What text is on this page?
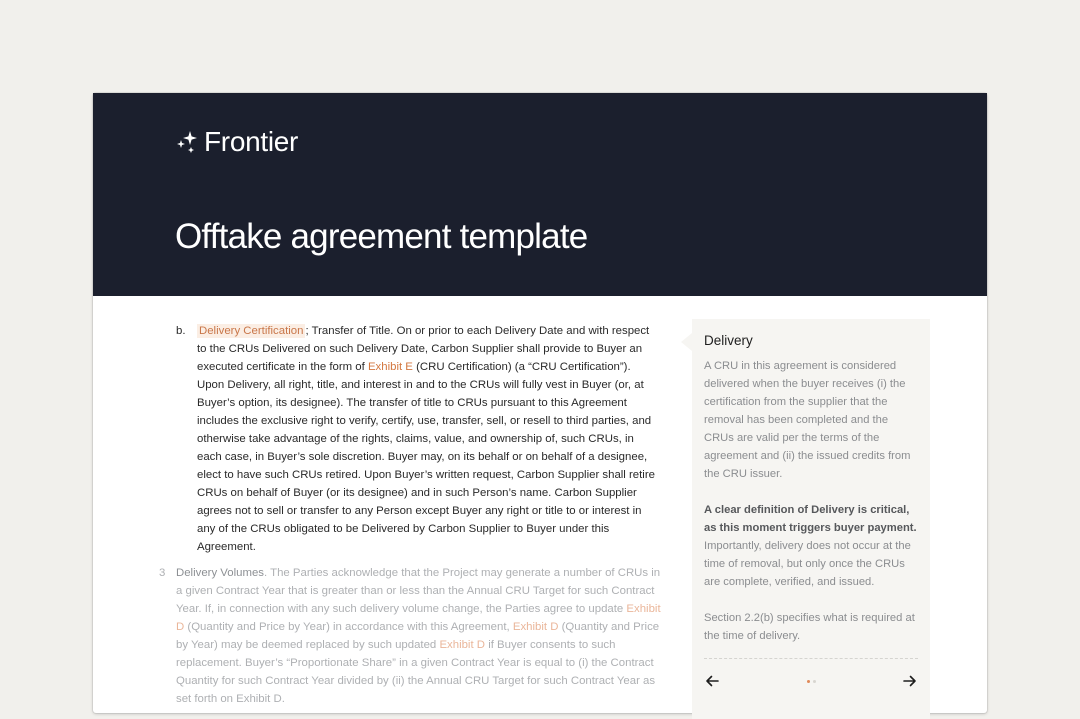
Frontier
Offtake agreement template
b. Delivery Certification ; Transfer of Title. On or prior to each Delivery Date and with respect to the CRUs Delivered on such Delivery Date, Carbon Supplier shall provide to Buyer an executed certificate in the form of Exhibit E (CRU Certification) (a “CRU Certification”). Upon Delivery, all right, title, and interest in and to the CRUs will fully vest in Buyer (or, at Buyer’s option, its designee). The transfer of title to CRUs pursuant to this Agreement includes the exclusive right to verify, certify, use, transfer, sell, or resell to third parties, and otherwise take advantage of the rights, claims, value, and ownership of, such CRUs, in each case, in Buyer’s sole discretion. Buyer may, on its behalf or on behalf of a designee, elect to have such CRUs retired. Upon Buyer’s written request, Carbon Supplier shall retire CRUs on behalf of Buyer (or its designee) and in such Person’s name. Carbon Supplier agrees not to sell or transfer to any Person except Buyer any right or title to or interest in any of the CRUs obligated to be Delivered by Carbon Supplier to Buyer under this Agreement.
3 Delivery Volumes. The Parties acknowledge that the Project may generate a number of CRUs in a given Contract Year that is greater than or less than the Annual CRU Target for such Contract Year. If, in connection with any such delivery volume change, the Parties agree to update Exhibit D (Quantity and Price by Year) in accordance with this Agreement, Exhibit D (Quantity and Price by Year) may be deemed replaced by such updated Exhibit D if Buyer consents to such replacement. Buyer’s “Proportionate Share” in a given Contract Year is equal to (i) the Contract Quantity for such Contract Year divided by (ii) the Annual CRU Target for such Contract Year as set forth on Exhibit D.
Delivery

A CRU in this agreement is considered delivered when the buyer receives (i) the certification from the supplier that the removal has been completed and the CRUs are valid per the terms of the agreement and (ii) the issued credits from the CRU issuer.

A clear definition of Delivery is critical, as this moment triggers buyer payment. Importantly, delivery does not occur at the time of removal, but only once the CRUs are complete, verified, and issued.

Section 2.2(b) specifies what is required at the time of delivery.
